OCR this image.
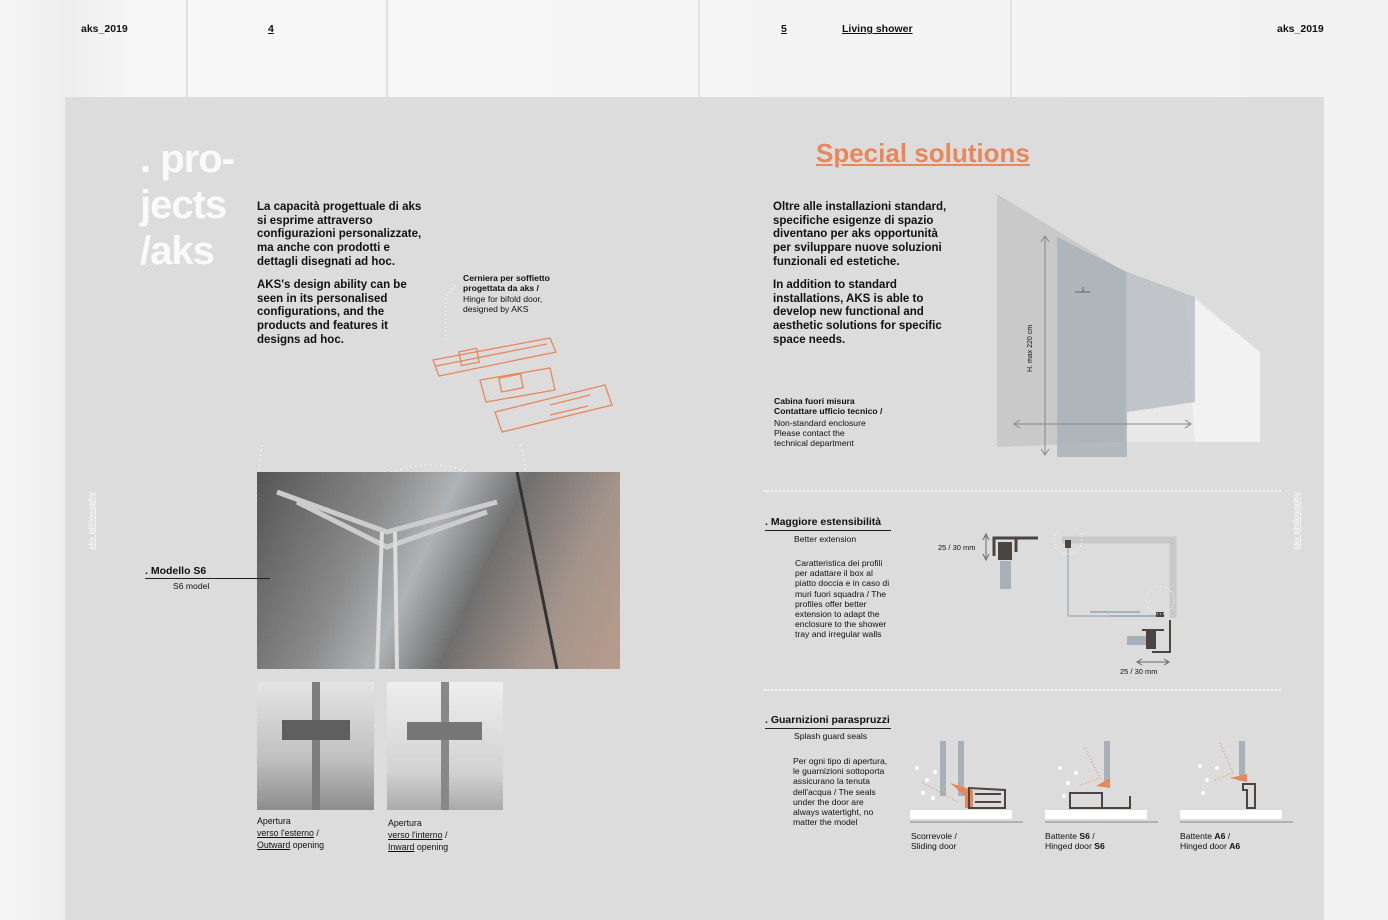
aks_2019	4	5	Living shower	aks_2019
. pro-
jects
/aks
La capacità progettuale di aks si esprime attraverso configurazioni personalizzate, ma anche con prodotti e dettagli disegnati ad hoc.
AKS's design ability can be seen in its personalised configurations, and the products and features it designs ad hoc.
Cerniera per soffietto progettata da aks /
Hinge for bifold door, designed by AKS
Apertura
verso l'esterno /
Outward opening
Apertura
verso l'interno /
Inward opening
aks philosophy
. Modello S6
S6 model
Special solutions
Oltre alle installazioni standard, specifiche esigenze di spazio diventano per aks opportunità per sviluppare nuove soluzioni funzionali ed estetiche.
In addition to standard installations, AKS is able to develop new functional and aesthetic solutions for specific space needs.
Cabina fuori misura Contattare ufficio tecnico /
Non-standard enclosure Please contact the technical department
H. max 220 cm
aks philosophy
. Maggiore estensibilità
Better extension
Caratteristica dei profili per adattare il box al piatto doccia e in caso di muri fuori squadra / The profiles offer better extension to adapt the enclosure to the shower tray and irregular walls
25 / 30 mm
25 / 30 mm
. Guarnizioni paraspruzzi
Splash guard seals
Per ogni tipo di apertura, le guarnizioni sottoporta assicurano la tenuta dell'acqua / The seals under the door are always watertight, no matter the model
Scorrevole /
Sliding door
Battente S6 /
Hinged door S6
Battente A6 /
Hinged door A6
